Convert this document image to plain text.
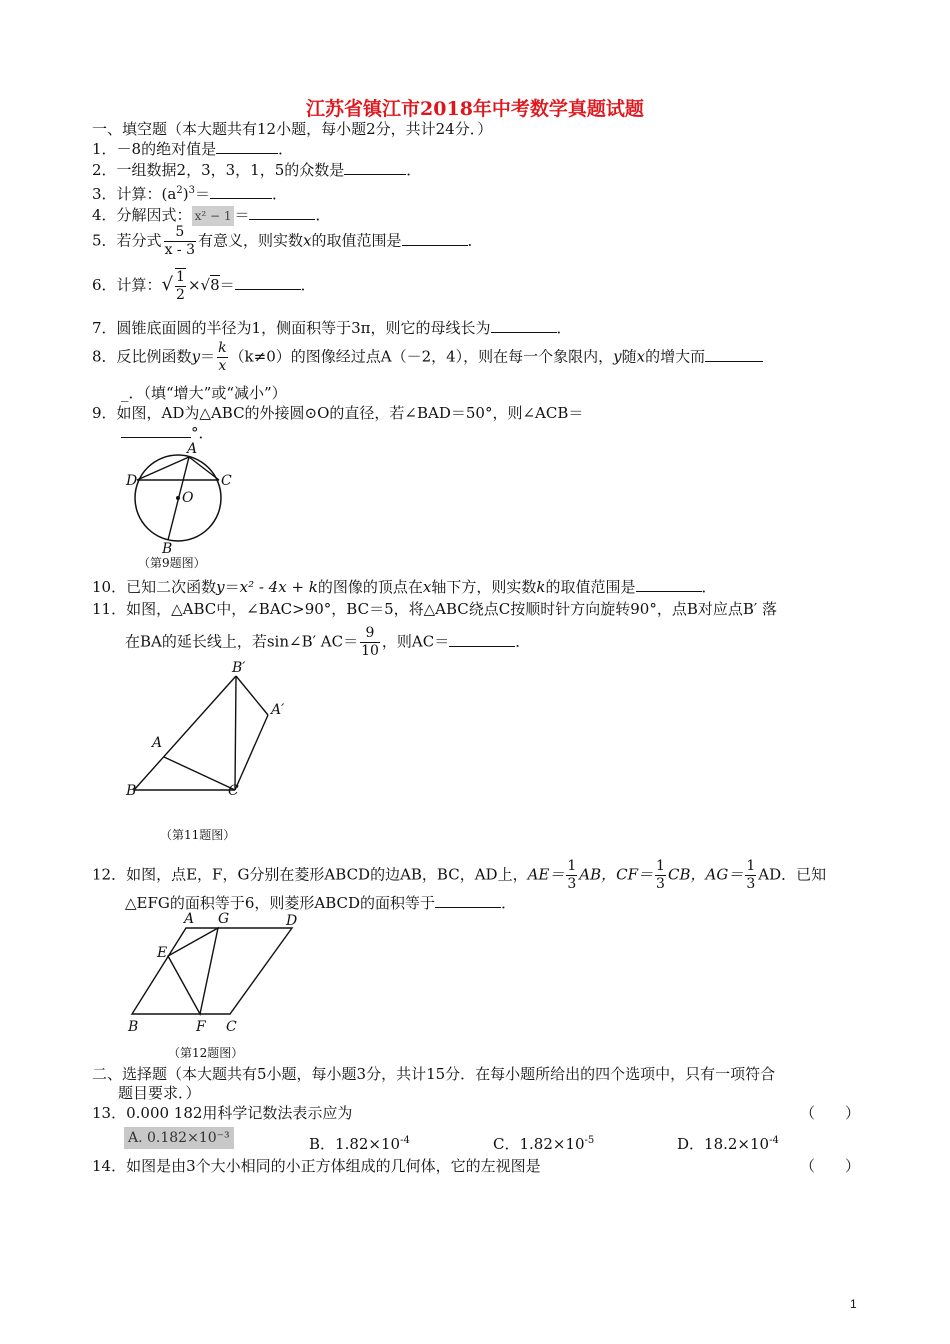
江苏省镇江市2018年中考数学真题试题
一、填空题（本大题共有12小题，每小题2分，共计24分．）
1．－8的绝对值是	．
2．一组数据2，3，3，1，5的众数是	．
3．计算：$(a^2)^3=$	．
4．分解因式： x² − 1 ＝	．
5．若分式 $\frac{5}{x - 3}$ 有意义，则实数x的取值范围是	．
6．计算：√ $\frac{1}{2} \times√8=$	．
7．圆锥底面圆的半径为1，侧面积等于3π，则它的母线长为	．
8．反比例函数$y= \frac{k}{x} (k\ne 0)$的图像经过点A（－2，4），则在每一个象限内，y随x的增大而
_．（填“增大”或“减小”）
9．如图，AD为△ABC的外接圆⊙O的直径，若∠BAD＝50°，则∠ACB＝
°．
A
D	C
O
B
（第9题图）
10．已知二次函数y＝x² - 4x + k的图像的顶点在x轴下方，则实数k的取值范围是	．
11．如图，△ABC中，∠BAC>90°，BC＝5，将△ABC绕点C按顺时针方向旋转90°，点B对应点B′ 落
在BA的延长线上，若sin∠B′ $AC= \frac{9}{10}$ ，则AC＝	．
B′
A′
A
B	C
（第11题图）
12．如图，点E，F，G分别在菱形ABCD的边AB，BC，AD上，$AE= \frac{1}{3}$ AB，$CF= \frac{1}{3}$ CB，$AG= \frac{1}{3}$ AD．已知
△EFG的面积等于6，则菱形ABCD的面积等于	．
A G	D
E
B	F C
（第12题图）
二、选择题（本大题共有5小题，每小题3分，共计15分．在每小题所给出的四个选项中，只有一项符合
题目要求．）
13．0.000 182用科学记数法表示应为	（　　）
A. 0.182×10⁻³	B．$1.82\times 10^{-4}$	C．$1.82\times 10^{-5}$	D．$18.2\times 10^{-4}$
14．如图是由3个大小相同的小正方体组成的几何体，它的左视图是	（　　）
1
